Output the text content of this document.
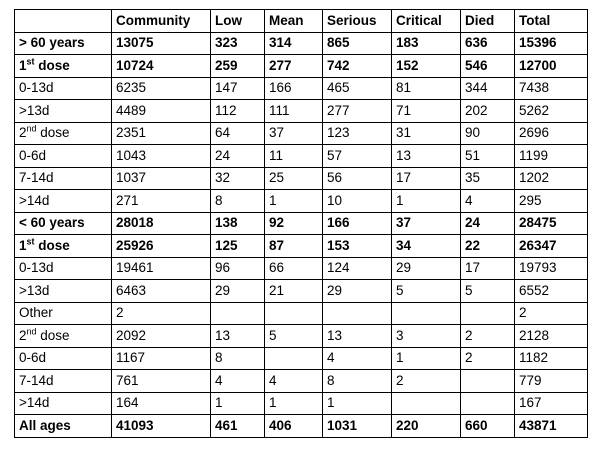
	Community	Low	Mean	Serious	Critical	Died	Total
> 60 years	13075	323	314	865	183	636	15396
1st dose	10724	259	277	742	152	546	12700
0-13d	6235	147	166	465	81	344	7438
>13d	4489	112	111	277	71	202	5262
2nd dose	2351	64	37	123	31	90	2696
0-6d	1043	24	11	57	13	51	1199
7-14d	1037	32	25	56	17	35	1202
>14d	271	8	1	10	1	4	295
< 60 years	28018	138	92	166	37	24	28475
1st dose	25926	125	87	153	34	22	26347
0-13d	19461	96	66	124	29	17	19793
>13d	6463	29	21	29	5	5	6552
Other	2						2
2nd dose	2092	13	5	13	3	2	2128
0-6d	1167	8		4	1	2	1182
7-14d	761	4	4	8	2		779
>14d	164	1	1	1			167
All ages	41093	461	406	1031	220	660	43871
